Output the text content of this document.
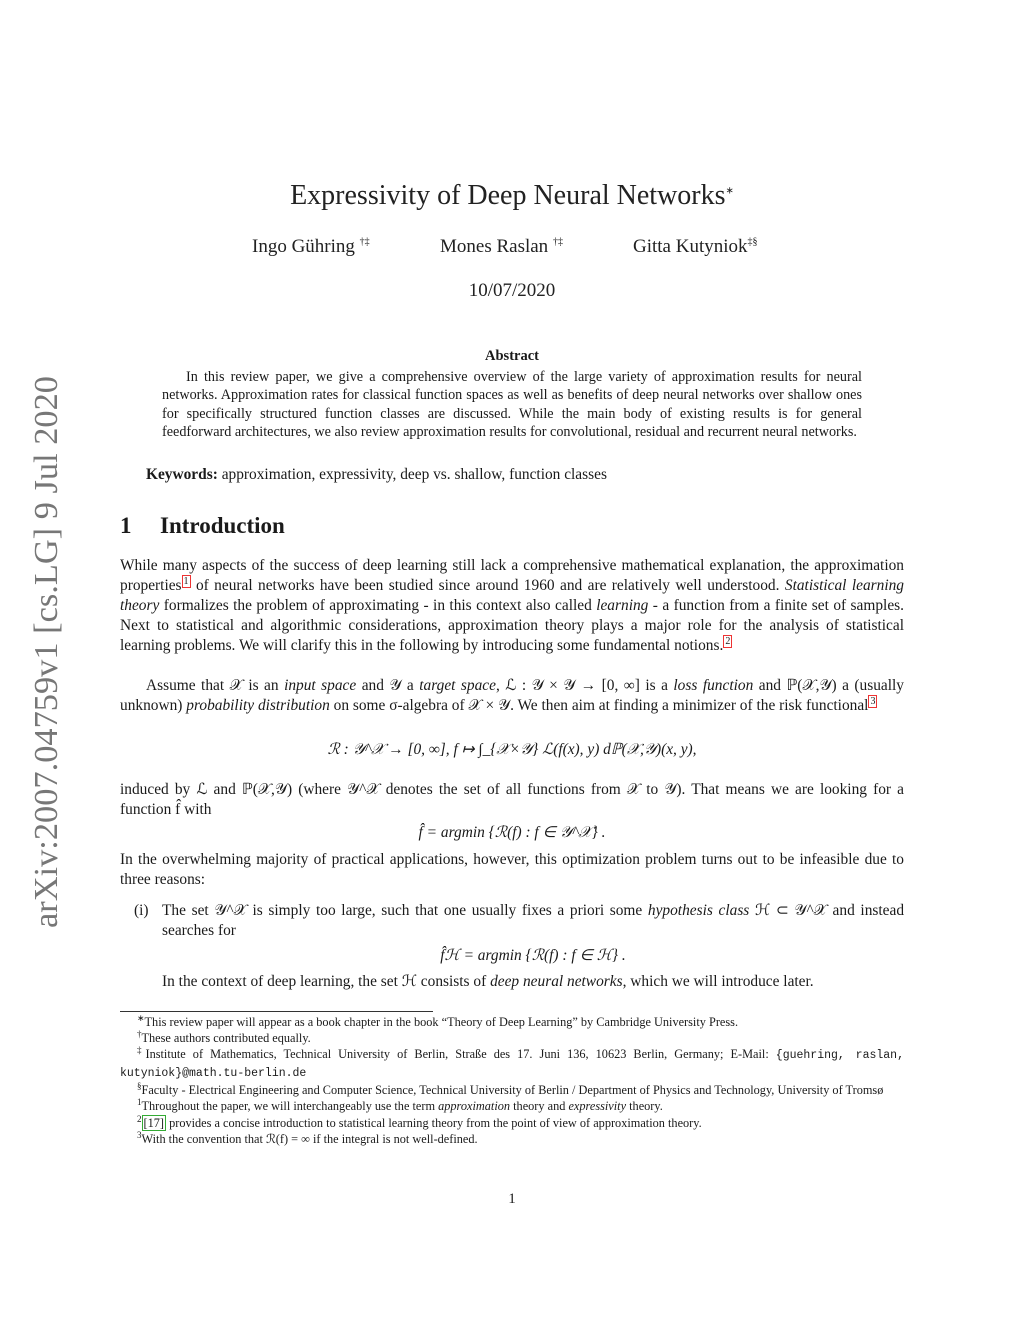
arXiv:2007.04759v1 [cs.LG] 9 Jul 2020
Expressivity of Deep Neural Networks∗
Ingo Gühring †‡	Mones Raslan †‡	Gitta Kutyniok‡§
10/07/2020
Abstract
In this review paper, we give a comprehensive overview of the large variety of approximation results for neural networks. Approximation rates for classical function spaces as well as benefits of deep neural networks over shallow ones for specifically structured function classes are discussed. While the main body of existing results is for general feedforward architectures, we also review approximation results for convolutional, residual and recurrent neural networks.
Keywords: approximation, expressivity, deep vs. shallow, function classes
1 Introduction
While many aspects of the success of deep learning still lack a comprehensive mathematical explanation, the approximation properties $^1$ of neural networks have been studied since around 1960 and are relatively well understood. Statistical learning theory formalizes the problem of approximating - in this context also called learning - a function from a finite set of samples. Next to statistical and algorithmic considerations, approximation theory plays a major role for the analysis of statistical learning problems. We will clarify this in the following by introducing some fundamental notions. $^2$
Assume that 𝒳 is an input space and 𝒴 a target space, ℒ : 𝒴 × 𝒴 → [0, ∞] is a loss function and ℙ(𝒳,𝒴) a (usually unknown) probability distribution on some σ-algebra of 𝒳 × 𝒴. We then aim at finding a minimizer of the risk functional $^3$
ℛ : 𝒴^𝒳 → [0, ∞], f ↦ ∫_{𝒳×𝒴} ℒ(f(x), y) dℙ(𝒳,𝒴)(x, y),
induced by ℒ and ℙ(𝒳,𝒴) (where 𝒴^𝒳 denotes the set of all functions from 𝒳 to 𝒴). That means we are looking for a function f̂ with
f̂ = argmin {ℛ(f) : f ∈ 𝒴^𝒳} .
In the overwhelming majority of practical applications, however, this optimization problem turns out to be infeasible due to three reasons:
(i) The set 𝒴^𝒳 is simply too large, such that one usually fixes a priori some hypothesis class ℋ ⊂ 𝒴^𝒳 and instead searches for
f̂ℋ = argmin {ℛ(f) : f ∈ ℋ} .
In the context of deep learning, the set ℋ consists of deep neural networks, which we will introduce later.
∗This review paper will appear as a book chapter in the book “Theory of Deep Learning” by Cambridge University Press.
†These authors contributed equally.
‡Institute of Mathematics, Technical University of Berlin, Straße des 17. Juni 136, 10623 Berlin, Germany; E-Mail: {guehring, raslan, kutyniok}@math.tu-berlin.de
§Faculty - Electrical Engineering and Computer Science, Technical University of Berlin / Department of Physics and Technology, University of Tromsø
$^1$Throughout the paper, we will interchangeably use the term approximation theory and expressivity theory.
$^2$ [17] provides a concise introduction to statistical learning theory from the point of view of approximation theory.
$^3$With the convention that ℛ(f) = ∞ if the integral is not well-defined.
1
